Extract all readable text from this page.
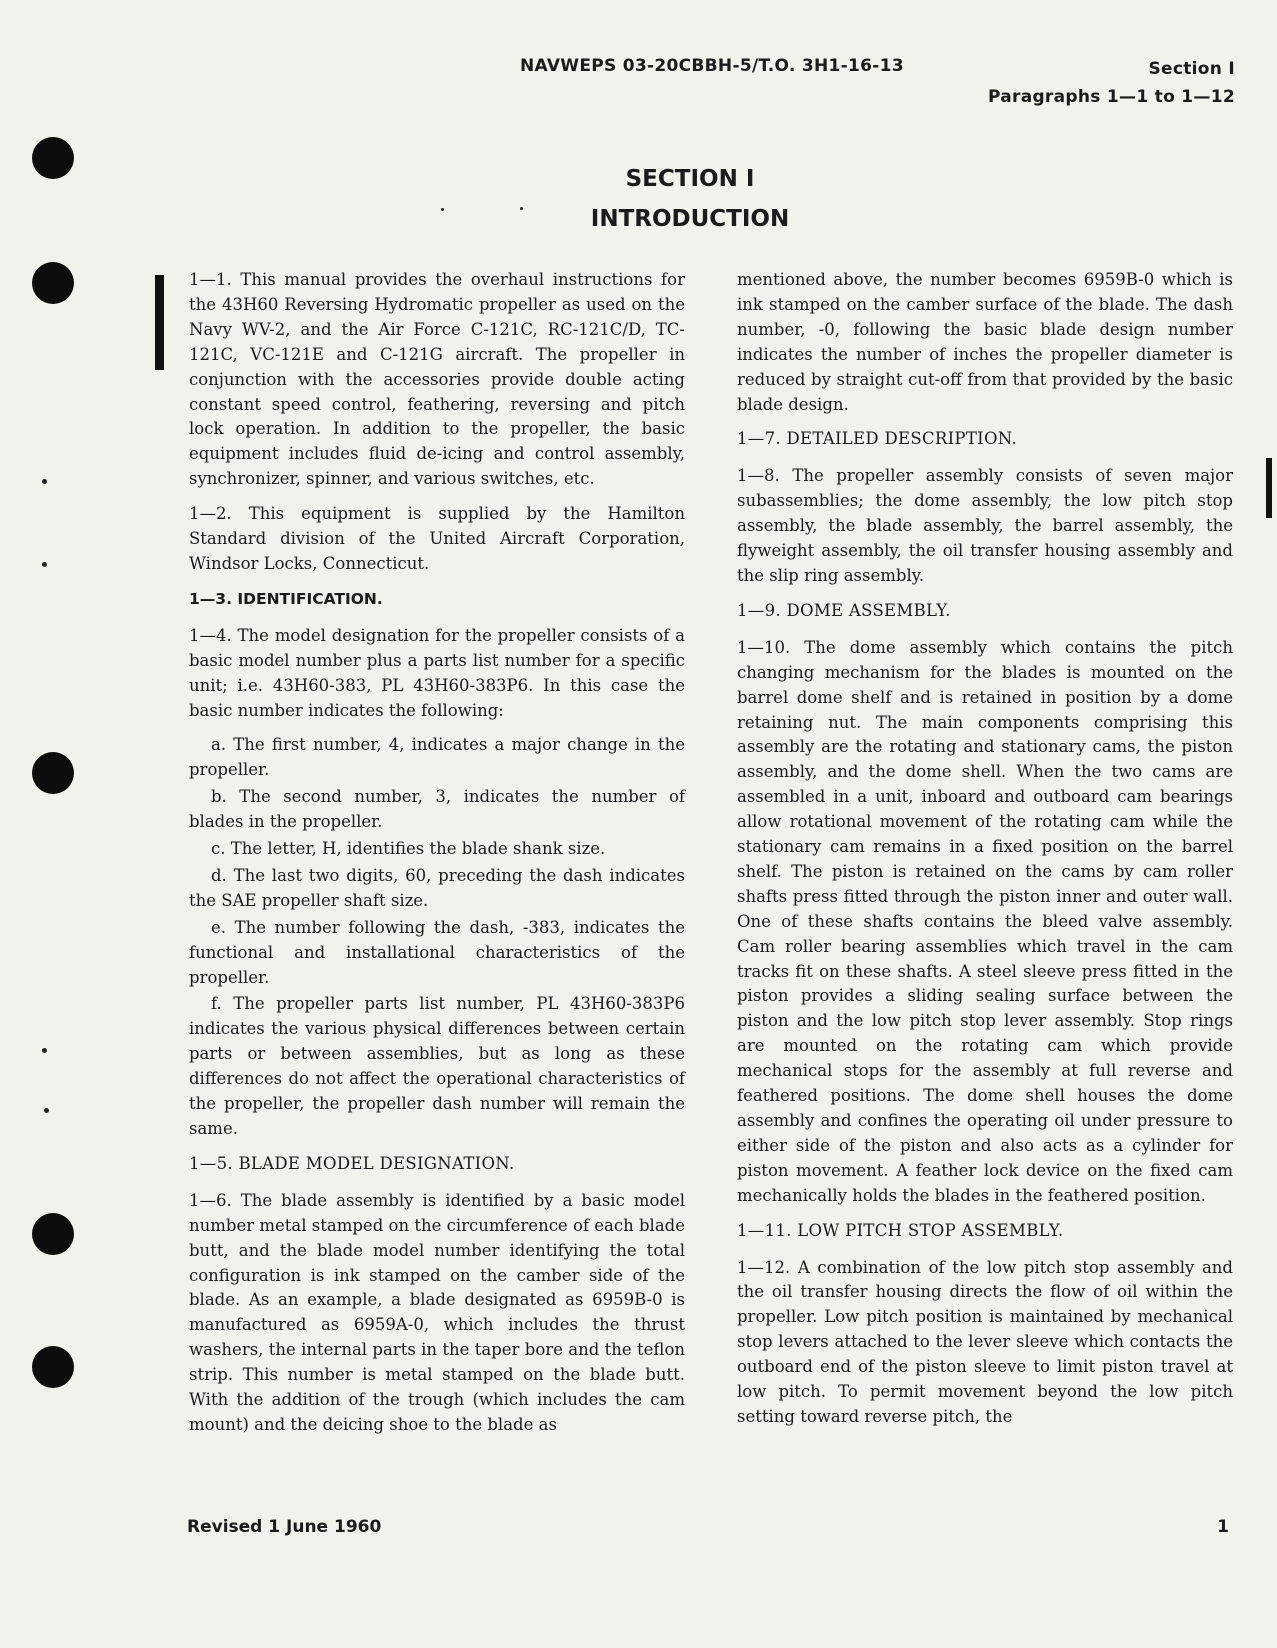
NAVWEPS 03-20CBBH-5/T.O. 3H1-16-13	Section I
Paragraphs 1—1 to 1—12
SECTION I
INTRODUCTION

1—1. This manual provides the overhaul instructions for the 43H60 Reversing Hydromatic propeller as used on the Navy WV-2, and the Air Force C-121C, RC-121C/D, TC-121C, VC-121E and C-121G aircraft. The propeller in conjunction with the accessories provide double acting constant speed control, feathering, reversing and pitch lock operation. In addition to the propeller, the basic equipment includes fluid de-icing and control assembly, synchronizer, spinner, and various switches, etc.

1—2. This equipment is supplied by the Hamilton Standard division of the United Aircraft Corporation, Windsor Locks, Connecticut.

1—3. IDENTIFICATION.

1—4. The model designation for the propeller consists of a basic model number plus a parts list number for a specific unit; i.e. 43H60-383, PL 43H60-383P6. In this case the basic number indicates the following:

a. The first number, 4, indicates a major change in the propeller.

b. The second number, 3, indicates the number of blades in the propeller.

c. The letter, H, identifies the blade shank size.

d. The last two digits, 60, preceding the dash indicates the SAE propeller shaft size.

e. The number following the dash, -383, indicates the functional and installational characteristics of the propeller.

f. The propeller parts list number, PL 43H60-383P6 indicates the various physical differences between certain parts or between assemblies, but as long as these differences do not affect the operational characteristics of the propeller, the propeller dash number will remain the same.

1—5. BLADE MODEL DESIGNATION.

1—6. The blade assembly is identified by a basic model number metal stamped on the circumference of each blade butt, and the blade model number identifying the total configuration is ink stamped on the camber side of the blade. As an example, a blade designated as 6959B-0 is manufactured as 6959A-0, which includes the thrust washers, the internal parts in the taper bore and the teflon strip. This number is metal stamped on the blade butt. With the addition of the trough (which includes the cam mount) and the deicing shoe to the blade as

mentioned above, the number becomes 6959B-0 which is ink stamped on the camber surface of the blade. The dash number, -0, following the basic blade design number indicates the number of inches the propeller diameter is reduced by straight cut-off from that provided by the basic blade design.

1—7. DETAILED DESCRIPTION.

1—8. The propeller assembly consists of seven major subassemblies; the dome assembly, the low pitch stop assembly, the blade assembly, the barrel assembly, the flyweight assembly, the oil transfer housing assembly and the slip ring assembly.

1—9. DOME ASSEMBLY.

1—10. The dome assembly which contains the pitch changing mechanism for the blades is mounted on the barrel dome shelf and is retained in position by a dome retaining nut. The main components comprising this assembly are the rotating and stationary cams, the piston assembly, and the dome shell. When the two cams are assembled in a unit, inboard and outboard cam bearings allow rotational movement of the rotating cam while the stationary cam remains in a fixed position on the barrel shelf. The piston is retained on the cams by cam roller shafts press fitted through the piston inner and outer wall. One of these shafts contains the bleed valve assembly. Cam roller bearing assemblies which travel in the cam tracks fit on these shafts. A steel sleeve press fitted in the piston provides a sliding sealing surface between the piston and the low pitch stop lever assembly. Stop rings are mounted on the rotating cam which provide mechanical stops for the assembly at full reverse and feathered positions. The dome shell houses the dome assembly and confines the operating oil under pressure to either side of the piston and also acts as a cylinder for piston movement. A feather lock device on the fixed cam mechanically holds the blades in the feathered position.

1—11. LOW PITCH STOP ASSEMBLY.

1—12. A combination of the low pitch stop assembly and the oil transfer housing directs the flow of oil within the propeller. Low pitch position is maintained by mechanical stop levers attached to the lever sleeve which contacts the outboard end of the piston sleeve to limit piston travel at low pitch. To permit movement beyond the low pitch setting toward reverse pitch, the

Revised 1 June 1960	1
